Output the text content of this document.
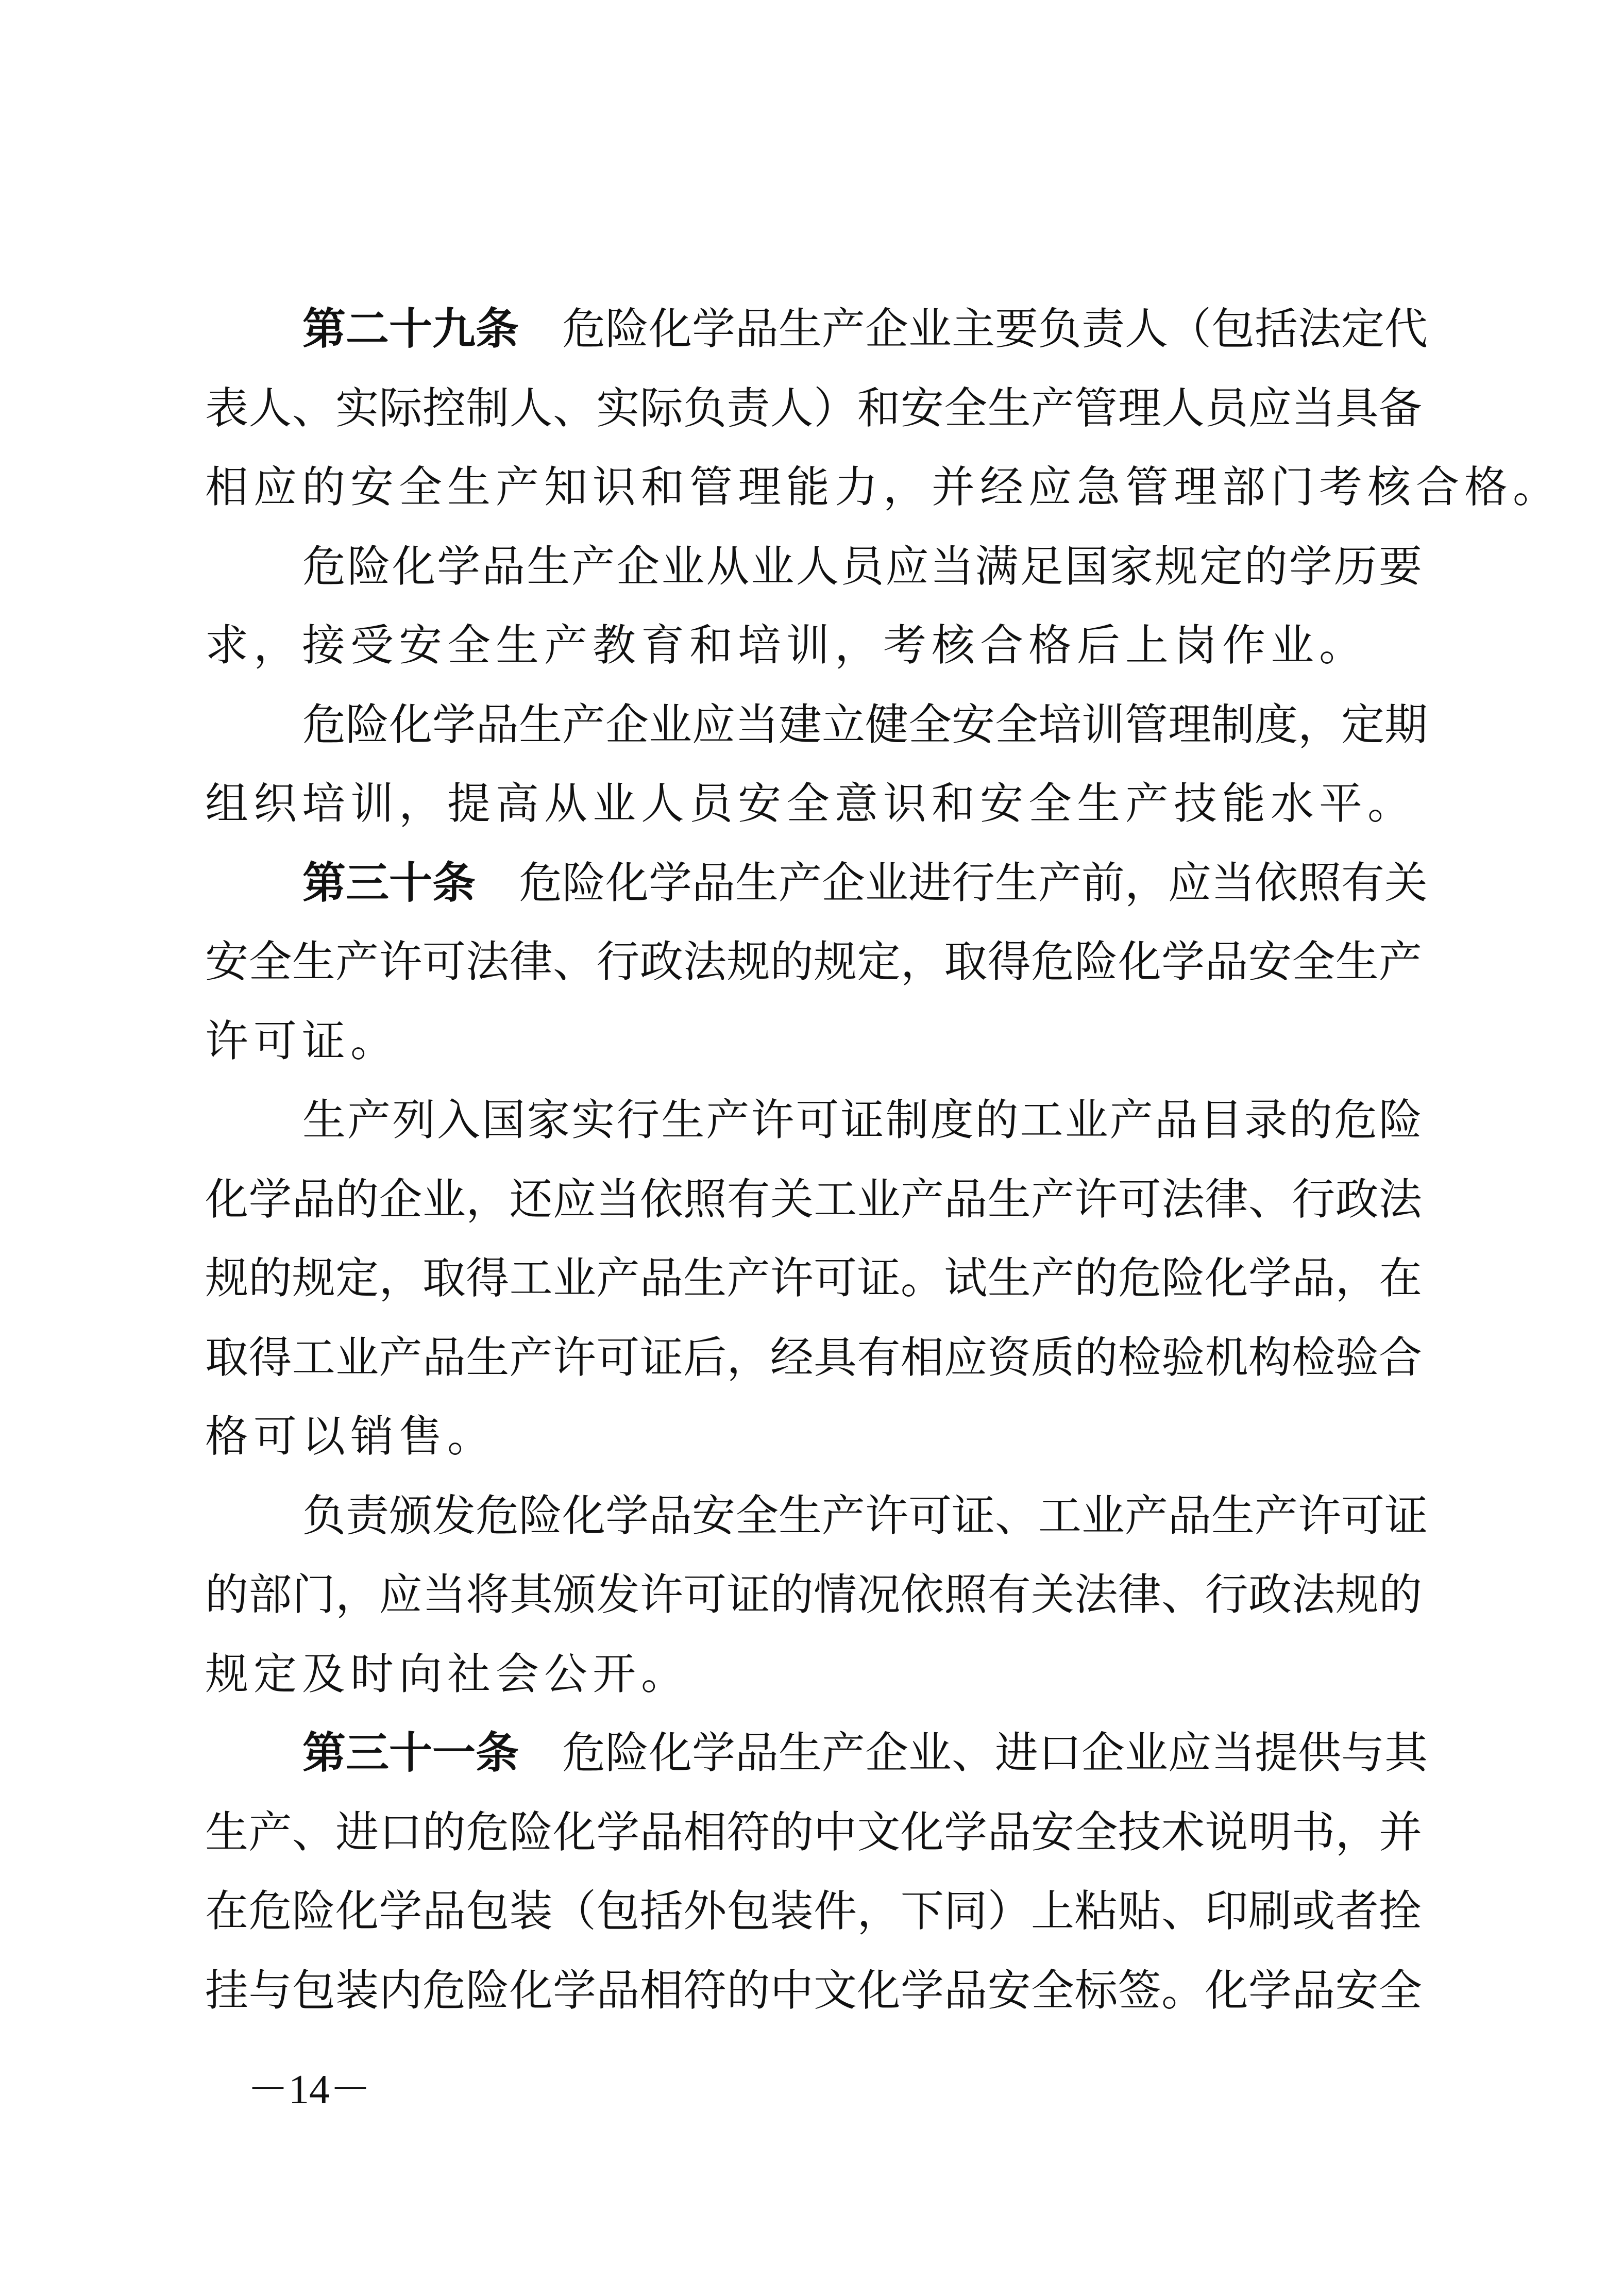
第二十九条　 危险化学品生产企业主要负责人（包括法定代
表人、实际控制人、实际负责人）和安全生产管理人员应当具备
相应的安全生产知识和管理能力，并经应急管理部门考核合格。
危险化学品生产企业从业人员应当满足国家规定的学历要
求，接受安全生产教育和培训，考核合格后上岗作业。
危险化学品生产企业应当建立健全安全培训管理制度，定期
组织培训，提高从业人员安全意识和安全生产技能水平。
第三十条　 危险化学品生产企业进行生产前，应当依照有关
安全生产许可法律、行政法规的规定，取得危险化学品安全生产
许可证。
生产列入国家实行生产许可证制度的工业产品目录的危险
化学品的企业，还应当依照有关工业产品生产许可法律、行政法
规的规定，取得工业产品生产许可证。试生产的危险化学品，在
取得工业产品生产许可证后，经具有相应资质的检验机构检验合
格可以销售。
负责颁发危险化学品安全生产许可证、工业产品生产许可证
的部门，应当将其颁发许可证的情况依照有关法律、行政法规的
规定及时向社会公开。
第三十一条　 危险化学品生产企业、进口企业应当提供与其
生产、进口的危险化学品相符的中文化学品安全技术说明书，并
在危险化学品包装（包括外包装件，下同）上粘贴、印刷或者拴
挂与包装内危险化学品相符的中文化学品安全标签。化学品安全
－14－
